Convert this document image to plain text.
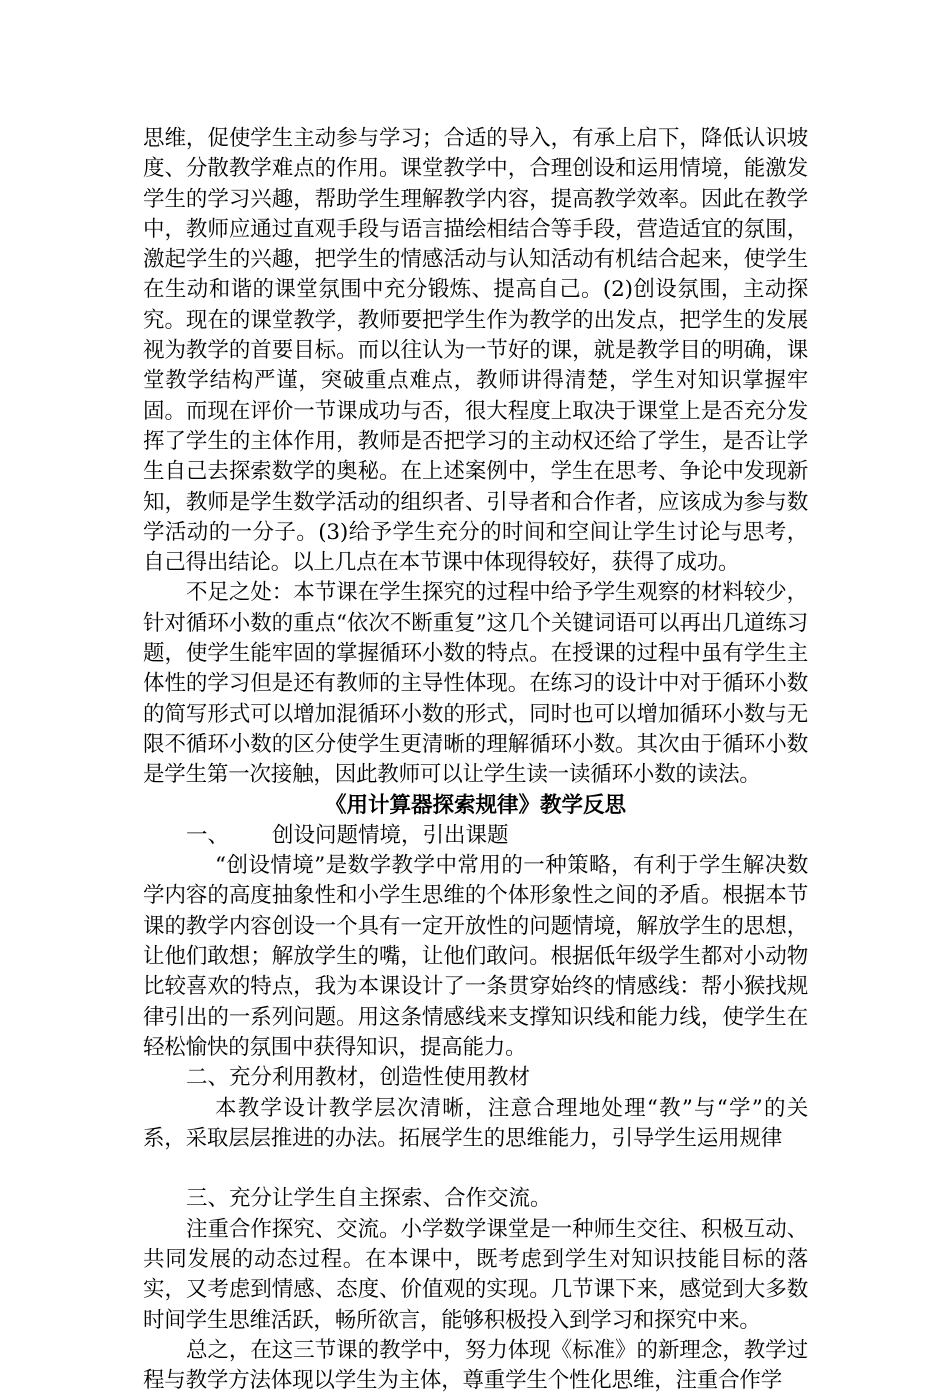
思维，促使学生主动参与学习；合适的导入，有承上启下，降低认识坡度、分散教学难点的作用。课堂教学中，合理创设和运用情境，能激发学生的学习兴趣，帮助学生理解教学内容，提高教学效率。因此在教学中，教师应通过直观手段与语言描绘相结合等手段，营造适宜的氛围，激起学生的兴趣，把学生的情感活动与认知活动有机结合起来，使学生在生动和谐的课堂氛围中充分锻炼、提高自己。(2)创设氛围，主动探究。现在的课堂教学，教师要把学生作为教学的出发点，把学生的发展视为教学的首要目标。而以往认为一节好的课，就是教学目的明确，课堂教学结构严谨，突破重点难点，教师讲得清楚，学生对知识掌握牢固。而现在评价一节课成功与否，很大程度上取决于课堂上是否充分发挥了学生的主体作用，教师是否把学习的主动权还给了学生，是否让学生自己去探索数学的奥秘。在上述案例中，学生在思考、争论中发现新知，教师是学生数学活动的组织者、引导者和合作者，应该成为参与数学活动的一分子。(3)给予学生充分的时间和空间让学生讨论与思考，自己得出结论。以上几点在本节课中体现得较好，获得了成功。

不足之处：本节课在学生探究的过程中给予学生观察的材料较少，针对循环小数的重点“依次不断重复”这几个关键词语可以再出几道练习题，使学生能牢固的掌握循环小数的特点。在授课的过程中虽有学生主体性的学习但是还有教师的主导性体现。在练习的设计中对于循环小数的简写形式可以增加混循环小数的形式，同时也可以增加循环小数与无限不循环小数的区分使学生更清晰的理解循环小数。其次由于循环小数是学生第一次接触，因此教师可以让学生读一读循环小数的读法。

《用计算器探索规律》教学反思

一、 创设问题情境，引出课题

“创设情境”是数学教学中常用的一种策略，有利于学生解决数学内容的高度抽象性和小学生思维的个体形象性之间的矛盾。根据本节课的教学内容创设一个具有一定开放性的问题情境，解放学生的思想，让他们敢想；解放学生的嘴，让他们敢问。根据低年级学生都对小动物比较喜欢的特点，我为本课设计了一条贯穿始终的情感线：帮小猴找规律引出的一系列问题。用这条情感线来支撑知识线和能力线，使学生在轻松愉快的氛围中获得知识，提高能力。

二、充分利用教材，创造性使用教材

本教学设计教学层次清晰，注意合理地处理“教”与“学”的关系，采取层层推进的办法。拓展学生的思维能力，引导学生运用规律

三、充分让学生自主探索、合作交流。

注重合作探究、交流。小学数学课堂是一种师生交往、积极互动、共同发展的动态过程。在本课中，既考虑到学生对知识技能目标的落实，又考虑到情感、态度、价值观的实现。几节课下来，感觉到大多数时间学生思维活跃，畅所欲言，能够积极投入到学习和探究中来。

总之，在这三节课的教学中，努力体现《标准》的新理念，教学过程与教学方法体现以学生为主体，尊重学生个性化思维，注重合作学
